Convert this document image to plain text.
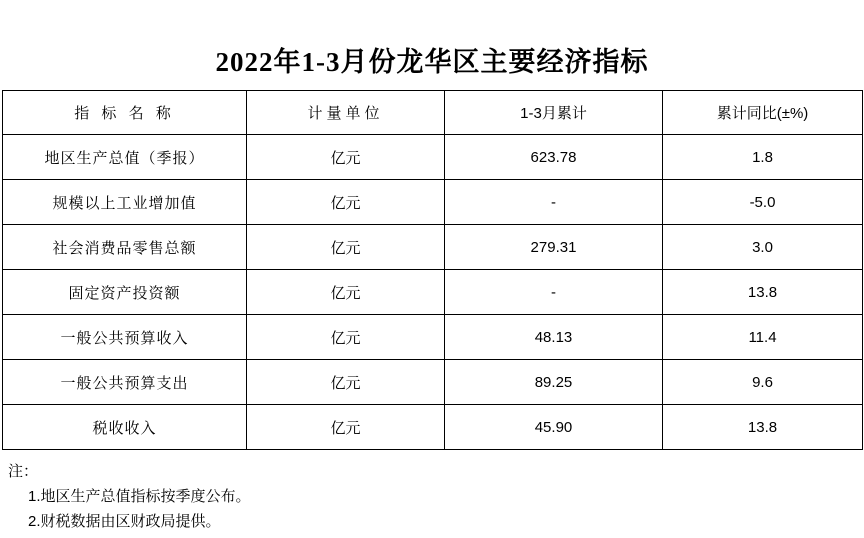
2022年1-3月份龙华区主要经济指标
指 标 名 称	计量单位	1-3月累计	累计同比(±%)
地区生产总值（季报）	亿元	623.78	1.8
规模以上工业增加值	亿元	-	-5.0
社会消费品零售总额	亿元	279.31	3.0
固定资产投资额	亿元	-	13.8
一般公共预算收入	亿元	48.13	11.4
一般公共预算支出	亿元	89.25	9.6
税收收入	亿元	45.90	13.8
注：
1.地区生产总值指标按季度公布。
2.财税数据由区财政局提供。
